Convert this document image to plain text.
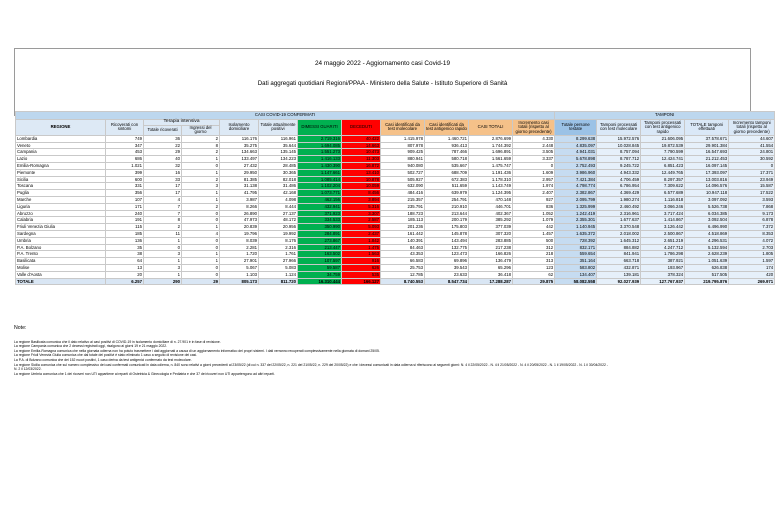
24 maggio 2022 - Aggiornamento casi Covid-19
Dati aggregati quotidiani Regioni/PPAA - Ministero della Salute - Istituto Superiore di Sanità
CASI COVID-19 CONFERMATI												TAMPONI				
REGIONE	Ricoverati con sintomi	Terapia intensiva		Isolamento domiciliare	Totale attualmente positivi	DIMESSI GUARITI	DECEDUTI	Casi identificati da test molecolare	Casi identificati da test antigenico rapido	CASI TOTALI	Incremento casi totali (rispetto al giorno precedente)	Totale persone testate	Tamponi processati con test molecolare	Tamponi processati con test antigenico rapido	TOTALE tamponi effettuati	Incremento tamponi totali (rispetto al giorno precedente)
		Totale ricoverati	Ingressi del giorno													
Lombardia	749	36	2	116.176	116.961	2.719.316	40.422	1.415.978	1.460.721	2.876.699	4.330	8.299.638	15.972.576	21.606.095	37.578.671	44.607
Veneto	347	22	8	35.275	35.644	1.694.085	14.663	807.978	936.413	1.744.392	2.448	4.835.097	10.028.845	19.872.539	29.901.384	41.554
Campania	453	29	2	134.663	135.145	1.551.273	10.473	909.425	787.466	1.696.891	3.505	4.941.031	8.757.094	7.790.599	16.547.693	24.801
Lazio	686	40	1	133.497	134.223	1.416.133	11.303	880.941	580.718	1.561.659	3.337	5.678.898	8.787.712	12.424.741	21.212.453	30.592
Emilia-Romagna	1.021	32	0	27.432	28.485	1.430.390	16.872	940.080	535.667	1.475.747	0	2.752.493	9.245.722	6.851.423	16.097.145	0
Piemonte	399	16	1	29.950	30.365	1.147.661	13.410	502.727	688.709	1.191.436	1.609	3.986.960	4.943.332	12.449.765	17.393.097	17.371
Sicilia	600	33	2	81.385	82.018	1.085.414	10.878	505.927	672.383	1.178.310	2.957	7.421.384	4.706.459	8.297.357	13.003.816	23.949
Toscana	331	17	3	31.138	31.486	1.102.204	10.059	632.090	511.659	1.143.749	1.974	4.798.774	6.786.954	7.309.622	14.096.576	15.587
Puglia	356	17	1	41.795	42.168	1.073.771	8.456	484.416	639.979	1.124.395	2.407	2.382.867	4.369.429	6.577.689	10.947.118	17.522
Marche	107	4	1	3.987	4.098	462.156	3.894	215.357	254.791	470.148	927	2.095.799	1.980.274	1.116.818	3.097.092	3.593
Liguria	171	7	2	8.266	8.444	432.941	5.316	235.791	210.910	446.701	836	1.325.999	2.460.492	3.066.246	5.526.738	7.868
Abruzzo	240	7	0	26.890	27.137	371.923	3.307	188.723	213.644	402.367	1.052	1.242.419	2.316.961	3.717.424	6.034.385	9.173
Calabria	191	8	0	47.973	48.172	334.533	2.587	185.113	200.179	385.292	1.079	2.355.301	1.677.637	1.414.867	3.092.504	6.878
Friuli Venezia Giulia	115	2	1	20.839	20.956	350.990	5.093	201.236	175.803	377.039	442	1.140.945	3.370.548	3.126.442	6.496.990	7.372
Sardegna	185	11	4	19.796	19.992	284.891	2.437	161.442	145.878	307.320	1.457	1.635.372	2.018.002	2.500.867	4.518.869	8.353
Umbria	136	1	0	8.039	8.176	273.867	1.842	140.391	143.494	283.885	500	728.392	1.645.312	2.651.219	4.296.531	4.072
P.A. Bolzano	35	0	0	2.281	2.316	213.447	1.475	84.463	132.775	217.238	312	832.171	884.882	4.247.712	5.132.594	2.703
P.A. Trento	38	3	1	1.720	1.761	163.502	1.563	43.353	123.473	166.826	218	559.654	841.941	1.786.298	2.628.239	1.805
Basilicata	64	1	1	27.901	27.966	107.597	916	66.583	69.896	136.479	313	351.164	663.718	387.921	1.051.639	1.597
Molise	13	3	0	5.067	5.083	59.587	626	25.753	39.543	65.296	123	583.802	432.871	193.967	626.838	174
Valle d'Aosta	20	1	0	1.103	1.124	34.759	535	12.785	23.633	36.418	62	134.407	139.181	378.324	517.505	420
TOTALE	6.257	290	29	805.173	811.720	16.310.444	166.127	8.740.553	8.547.734	17.288.287	29.875	58.082.558	92.027.939	127.767.937	219.795.876	269.971
Note:
La regione Basilicata comunica che il dato relativo ai casi positivi di COVID-19 in isolamento domiciliare di n. 27.901 è in fase di revisione.
La regione Campania comunica che 2 decessi registrati oggi, risalgono ai giorni 19 e 21 maggio 2022.
La regione Emilia-Romagna comunica che nella giornata odierna non ha potuto trasmettere i dati aggiornati a causa di un aggiornamento informatico dei propri sistemi. I dati verranno recuperati complessivamente nella giornata di domani 25/05.
La regione Friuli Venezia Giulia comunica che dal totale dei positivi è stato eliminato 1 caso a seguito di revisione dei casi.
La P.A. di Bolzano comunica che dei 152 nuovi positivi, 1 caso deriva da test antigenici confermato da test molecolare.
La regione Sicilia comunica che sul numero complessivo dei casi confermati comunicati in data odierna, n. 840 sono relativi a giorni precedenti al 23/05/22 (di cui n. 337 del 22/05/22, n. 221 del 21/05/22, n. 229 del 20/05/22) e che i decessi comunicati in data odierna si riferiscono ai seguenti giorni: N. 4 il 22/05/2022 - N. 4 il 21/05/2022 - N. 4 il 20/05/2022 - N. 1 il 19/05/2022 - N. 1 il 30/04/2022 -
N. 2 il 12/03/2022.
La regione Umbria comunica che 1 dei ricoveri non UTI appartiene ai reparti di Ostetricia & Ginecologia e Pediatria e che 37 dei ricoveri non UTI appartengono ad altri reparti.
